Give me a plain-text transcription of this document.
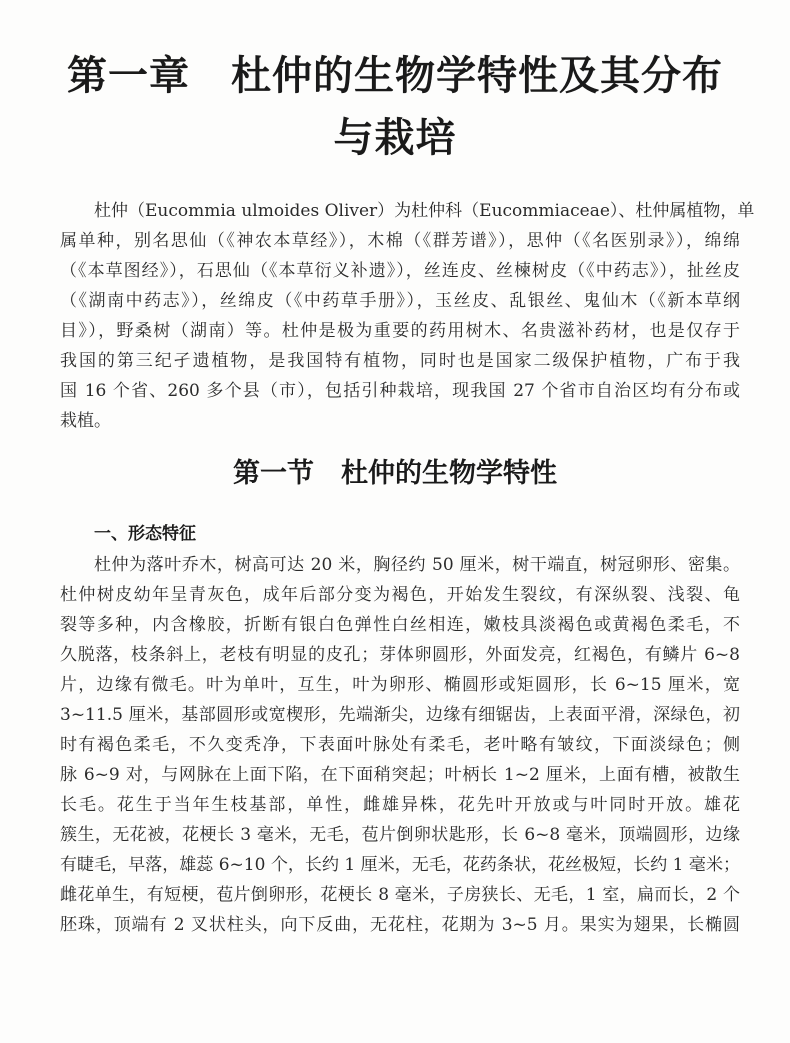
第一章　杜仲的生物学特性及其分布
与栽培
杜仲（Eucommia ulmoides Oliver）为杜仲科（Eucommiaceae）、杜仲属植物，单
属单种，别名思仙（《神农本草经》），木棉（《群芳谱》），思仲（《名医别录》），绵绵
（《本草图经》），石思仙（《本草衍义补遗》），丝连皮、丝楝树皮（《中药志》），扯丝皮
（《湖南中药志》），丝绵皮（《中药草手册》），玉丝皮、乱银丝、鬼仙木（《新本草纲
目》），野桑树（湖南）等。杜仲是极为重要的药用树木、名贵滋补药材，也是仅存于
我国的第三纪孑遗植物，是我国特有植物，同时也是国家二级保护植物，广布于我
国 16 个省、260 多个县（市），包括引种栽培，现我国 27 个省市自治区均有分布或
栽植。
第一节　杜仲的生物学特性
一、形态特征
杜仲为落叶乔木，树高可达 20 米，胸径约 50 厘米，树干端直，树冠卵形、密集。
杜仲树皮幼年呈青灰色，成年后部分变为褐色，开始发生裂纹，有深纵裂、浅裂、龟
裂等多种，内含橡胶，折断有银白色弹性白丝相连，嫩枝具淡褐色或黄褐色柔毛，不
久脱落，枝条斜上，老枝有明显的皮孔；芽体卵圆形，外面发亮，红褐色，有鳞片 6~8
片，边缘有微毛。叶为单叶，互生，叶为卵形、椭圆形或矩圆形，长 6~15 厘米，宽
3~11.5 厘米，基部圆形或宽楔形，先端渐尖，边缘有细锯齿，上表面平滑，深绿色，初
时有褐色柔毛，不久变秃净，下表面叶脉处有柔毛，老叶略有皱纹，下面淡绿色；侧
脉 6~9 对，与网脉在上面下陷，在下面稍突起；叶柄长 1~2 厘米，上面有槽，被散生
长毛。花生于当年生枝基部，单性，雌雄异株，花先叶开放或与叶同时开放。雄花
簇生，无花被，花梗长 3 毫米，无毛，苞片倒卵状匙形，长 6~8 毫米，顶端圆形，边缘
有睫毛，早落，雄蕊 6~10 个，长约 1 厘米，无毛，花药条状，花丝极短，长约 1 毫米；
雌花单生，有短梗，苞片倒卵形，花梗长 8 毫米，子房狭长、无毛，1 室，扁而长，2 个
胚珠，顶端有 2 叉状柱头，向下反曲，无花柱，花期为 3~5 月。果实为翅果，长椭圆
